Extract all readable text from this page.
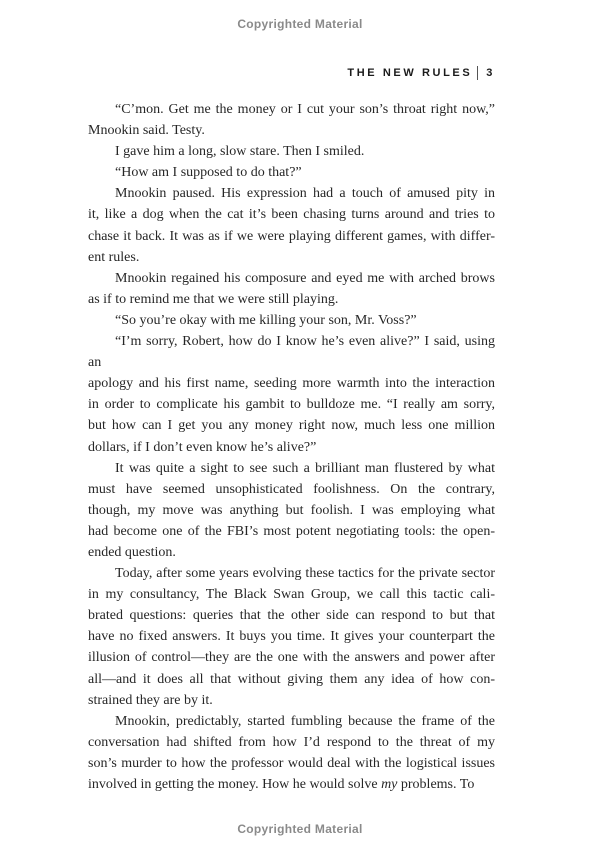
Copyrighted Material
THE NEW RULES 3
“C’mon. Get me the money or I cut your son’s throat right now,”
Mnookin said. Testy.
I gave him a long, slow stare. Then I smiled.
“How am I supposed to do that?”
Mnookin paused. His expression had a touch of amused pity in
it, like a dog when the cat it’s been chasing turns around and tries to
chase it back. It was as if we were playing different games, with differ-
ent rules.
Mnookin regained his composure and eyed me with arched brows
as if to remind me that we were still playing.
“So you’re okay with me killing your son, Mr. Voss?”
“I’m sorry, Robert, how do I know he’s even alive?” I said, using an
apology and his first name, seeding more warmth into the interaction
in order to complicate his gambit to bulldoze me. “I really am sorry,
but how can I get you any money right now, much less one million
dollars, if I don’t even know he’s alive?”
It was quite a sight to see such a brilliant man flustered by what
must have seemed unsophisticated foolishness. On the contrary,
though, my move was anything but foolish. I was employing what
had become one of the FBI’s most potent negotiating tools: the open-
ended question.
Today, after some years evolving these tactics for the private sector
in my consultancy, The Black Swan Group, we call this tactic cali-
brated questions: queries that the other side can respond to but that
have no fixed answers. It buys you time. It gives your counterpart the
illusion of control—they are the one with the answers and power after
all—and it does all that without giving them any idea of how con-
strained they are by it.
Mnookin, predictably, started fumbling because the frame of the
conversation had shifted from how I’d respond to the threat of my
son’s murder to how the professor would deal with the logistical issues
involved in getting the money. How he would solve my problems. To
Copyrighted Material
